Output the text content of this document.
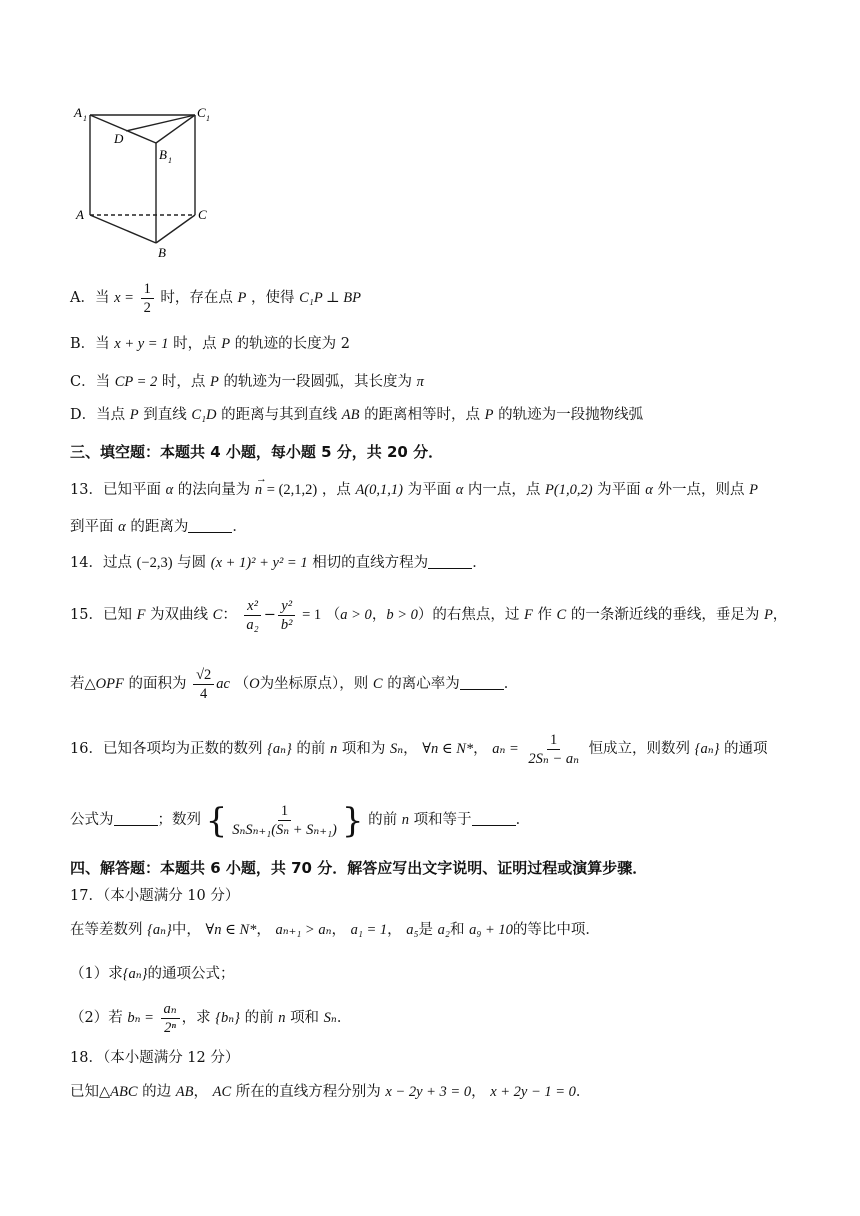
A 1	C 1
D
B 1
A	C
B
A．当 $x = \frac{1}{2}$ 时，存在点 P ，使得 C₁P ⊥ BP
B．当 x + y = 1 时，点 P 的轨迹的长度为 2
C．当 CP = 2 时，点 P 的轨迹为一段圆弧，其长度为 π
D．当点 P 到直线 C₁D 的距离与其到直线 AB 的距离相等时，点 P 的轨迹为一段抛物线弧
三、填空题：本题共 4 小题，每小题 5 分，共 20 分．
13．已知平面 α 的法向量为
→
n = (2,1,2) ，点 A(0,1,1) 为平面 α 内一点，点 P(1,0,2) 为平面 α 外一点，则点 P
到平面 α 的距离为	．
14．过点 (−2,3) 与圆 (x + 1)² + y² = 1 相切的直线方程为	．
15．已知 F 为双曲线 C： $\frac{\text{x²}}{\text{a₂}} - \frac{\text{y²}}{\text{b²}} = 1$ （a > 0，b > 0）的右焦点，过 F 作 C 的一条渐近线的垂线，垂足为 P，
若△OPF 的面积为 $\frac{√2}{4}$ ac （O为坐标原点），则 C 的离心率为	．
16．已知各项均为正数的数列 {aₙ} 的前 n 项和为 Sₙ， ∀n ∈ N*， $a_n = \frac{1}{\text{2Sₙ − aₙ}}$ 恒成立，则数列 {aₙ} 的通项
公式为	；数列 { $\frac{1}{\text{SₙSₙ₊₁(Sₙ + Sₙ₊₁)}}$ } 的前 n 项和等于	．
四、解答题：本题共 6 小题，共 70 分．解答应写出文字说明、证明过程或演算步骤．
17．（本小题满分 10 分）
在等差数列 {aₙ}中， ∀n ∈ N*， aₙ₊₁ > aₙ， a₁ = 1， a₅是 a₂和 a₉ + 10的等比中项．
（1）求{aₙ}的通项公式；
（2）若 $b_n = \frac{\text{aₙ}}{\text{2ⁿ}}$ ，求 {bₙ} 的前 n 项和 Sₙ．
18．（本小题满分 12 分）
已知△ABC 的边 AB， AC 所在的直线方程分别为 x − 2y + 3 = 0， x + 2y − 1 = 0．
